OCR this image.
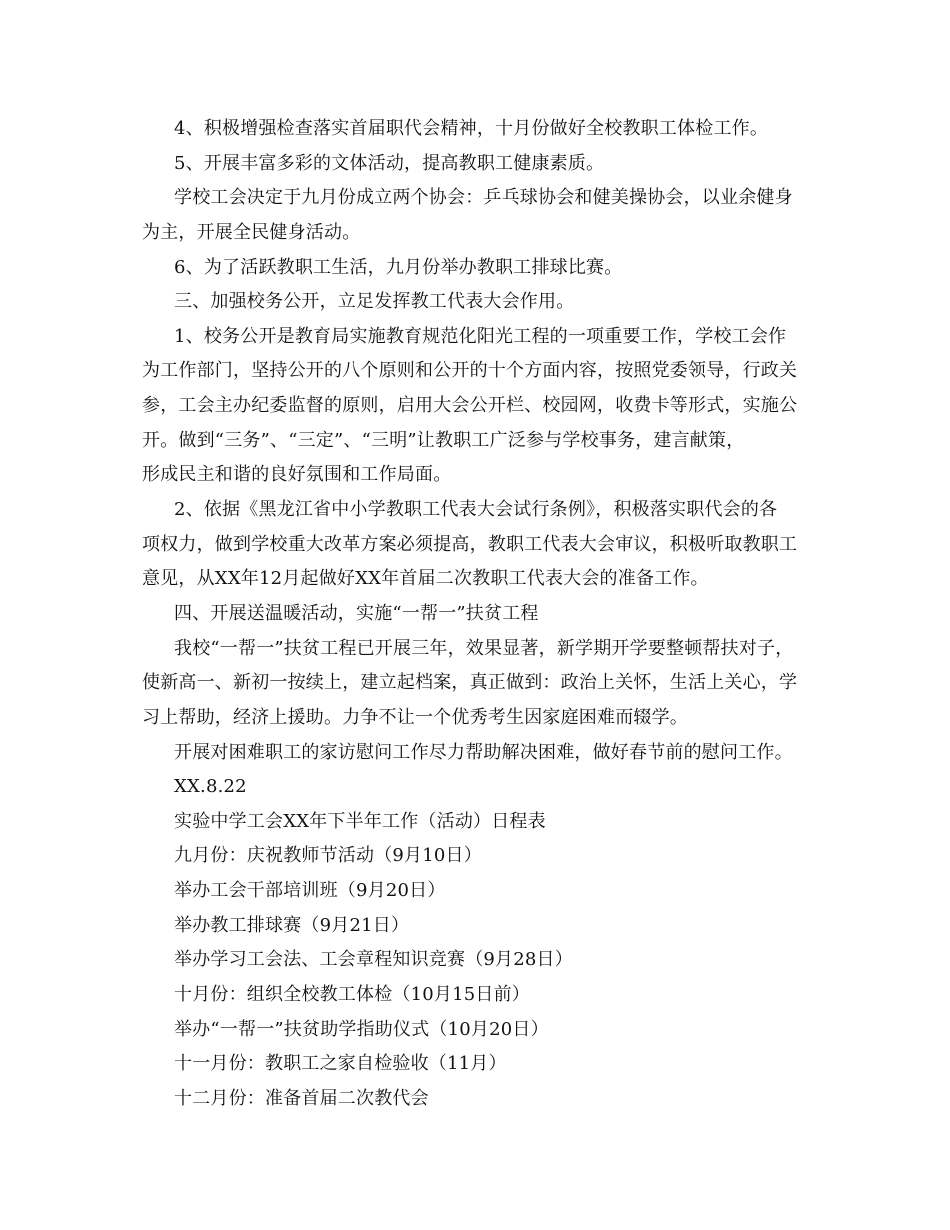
4、积极增强检查落实首届职代会精神，十月份做好全校教职工体检工作。
5、开展丰富多彩的文体活动，提高教职工健康素质。
学校工会决定于九月份成立两个协会：乒乓球协会和健美操协会，以业余健身
为主，开展全民健身活动。
6、为了活跃教职工生活，九月份举办教职工排球比赛。
三、加强校务公开，立足发挥教工代表大会作用。
1、校务公开是教育局实施教育规范化阳光工程的一项重要工作，学校工会作
为工作部门，坚持公开的八个原则和公开的十个方面内容，按照党委领导，行政关
参，工会主办纪委监督的原则，启用大会公开栏、校园网，收费卡等形式，实施公
开。做到“三务”、“三定”、“三明”让教职工广泛参与学校事务，建言献策，
形成民主和谐的良好氛围和工作局面。
2、依据《黑龙江省中小学教职工代表大会试行条例》，积极落实职代会的各
项权力，做到学校重大改革方案必须提高，教职工代表大会审议，积极听取教职工
意见，从XX年12月起做好XX年首届二次教职工代表大会的准备工作。
四、开展送温暖活动，实施“一帮一”扶贫工程
我校“一帮一”扶贫工程已开展三年，效果显著，新学期开学要整顿帮扶对子，
使新高一、新初一按续上，建立起档案，真正做到：政治上关怀，生活上关心，学
习上帮助，经济上援助。力争不让一个优秀考生因家庭困难而辍学。
开展对困难职工的家访慰问工作尽力帮助解决困难，做好春节前的慰问工作。
XX.8.22
实验中学工会XX年下半年工作（活动）日程表
九月份：庆祝教师节活动（9月10日）
举办工会干部培训班（9月20日）
举办教工排球赛（9月21日）
举办学习工会法、工会章程知识竞赛（9月28日）
十月份：组织全校教工体检（10月15日前）
举办“一帮一”扶贫助学指助仪式（10月20日）
十一月份：教职工之家自检验收（11月）
十二月份：准备首届二次教代会
